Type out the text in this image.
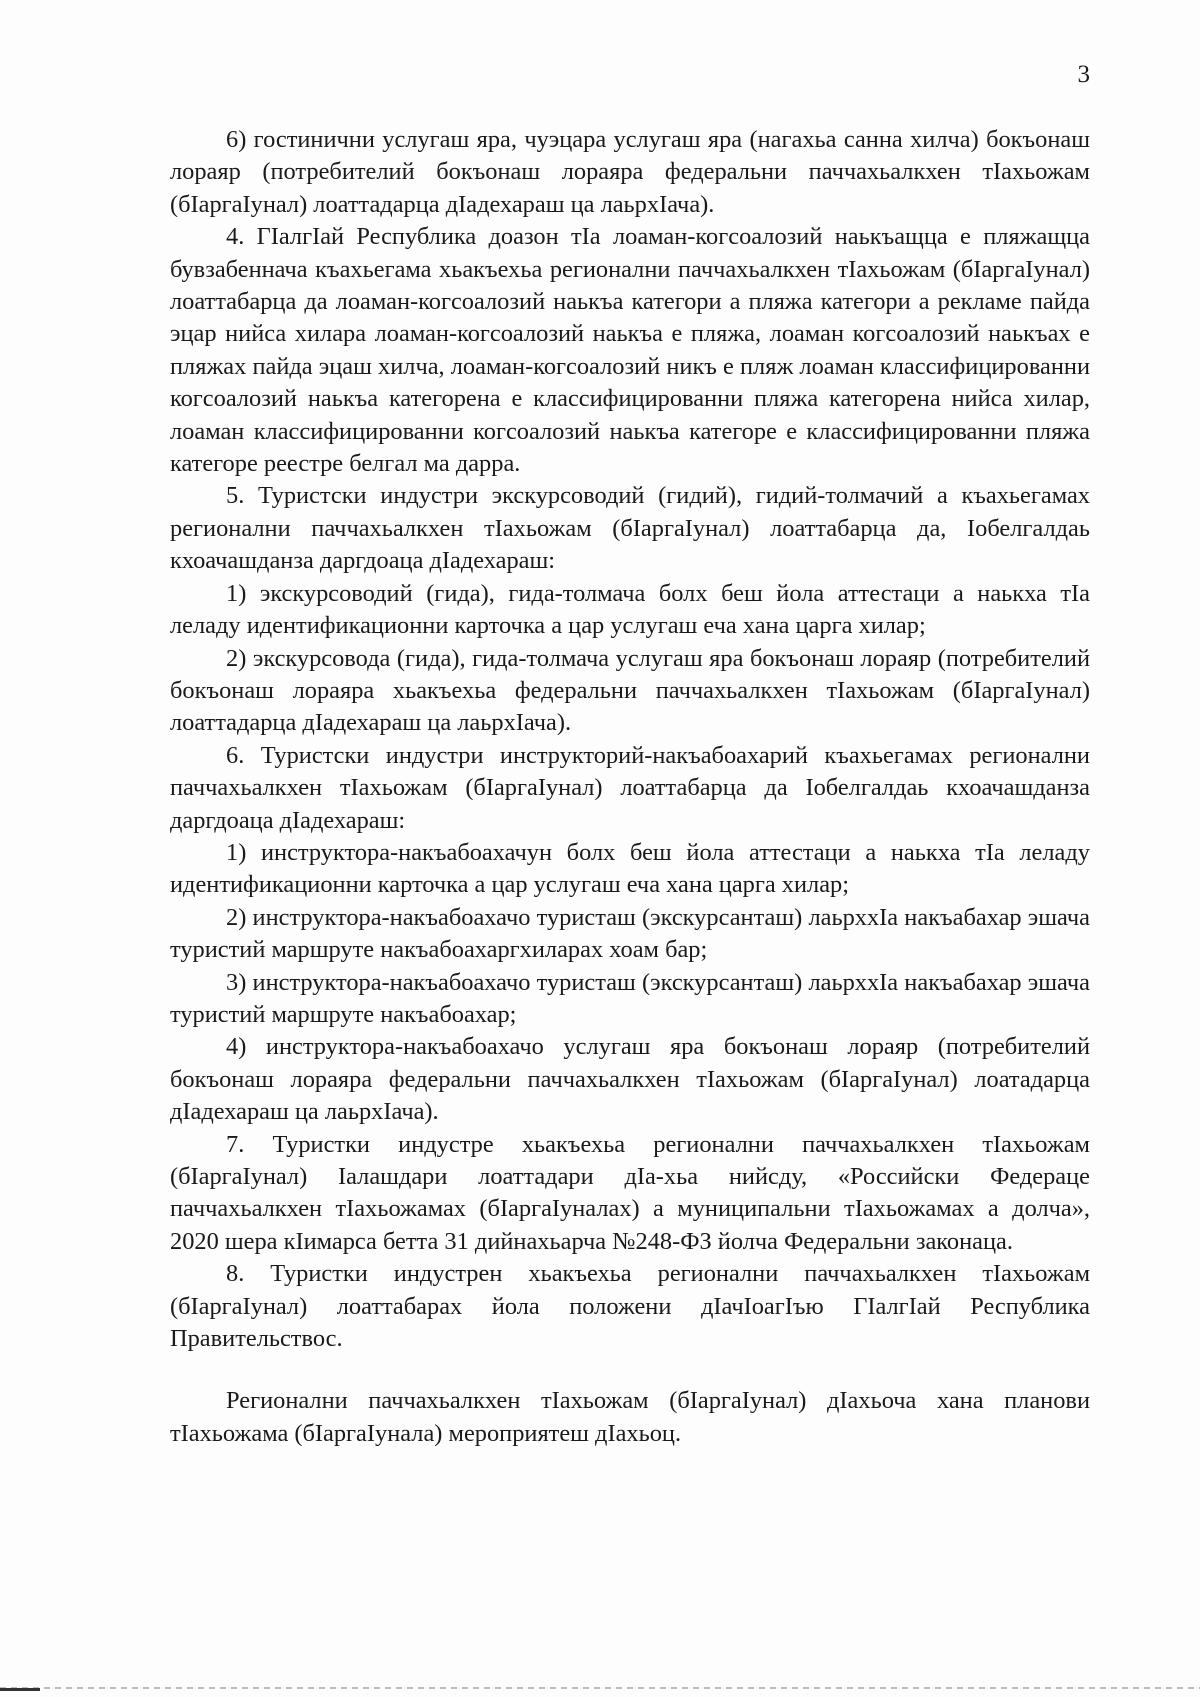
3

6) гостинични услугаш яра, чуэцара услугаш яра (нагахьа санна хилча) бокъонаш лораяр (потребителий бокъонаш лораяра федеральни паччахьалкхен тӀахьожам (бӀаргаӀунал) лоаттадарца дӀадехараш ца лаьрхӀача).

4. ГӀалгӀай Республика доазон тӀа лоаман-когсоалозий наькъащца е пляжащца бувзабеннача къахьегама хьакъехьа регионални паччахьалкхен тӀахьожам (бӀаргаӀунал) лоаттабарца да лоаман-когсоалозий наькъа категори а пляжа категори а рекламе пайда эцар нийса хилара лоаман-когсоалозий наькъа е пляжа, лоаман когсоалозий наькъах е пляжах пайда эцаш хилча, лоаман-когсоалозий никъ е пляж лоаман классифицированни когсоалозий наькъа категорена е классифицированни пляжа категорена нийса хилар, лоаман классифицированни когсоалозий наькъа категоре е классифицированни пляжа категоре реестре белгал ма дарра.

5. Туристски индустри экскурсоводий (гидий), гидий-толмачий а къахьегамах регионални паччахьалкхен тӀахьожам (бӀаргаӀунал) лоаттабарца да, Ӏобелгалдаь кхоачашданза даргдоаца дӀадехараш:

1) экскурсоводий (гида), гида-толмача болх беш йола аттестаци а наькха тӀа леладу идентификационни карточка а цар услугаш еча хана царга хилар;

2) экскурсовода (гида), гида-толмача услугаш яра бокъонаш лораяр (потребителий бокъонаш лораяра хьакъехьа федеральни паччахьалкхен тӀахьожам (бӀаргаӀунал) лоаттадарца дӀадехараш ца лаьрхӀача).

6. Туристски индустри инструкторий-накъабоахарий къахьегамах регионални паччахьалкхен тӀахьожам (бӀаргаӀунал) лоаттабарца да Ӏобелгалдаь кхоачашданза даргдоаца дӀадехараш:

1) инструктора-накъабоахачун болх беш йола аттестаци а наькха тӀа леладу идентификационни карточка а цар услугаш еча хана царга хилар;

2) инструктора-накъабоахачо туристаш (экскурсанташ) лаьрххӀа накъабахар эшача туристий маршруте накъабоахаргхиларах хоам бар;

3) инструктора-накъабоахачо туристаш (экскурсанташ) лаьрххӀа накъабахар эшача туристий маршруте накъабоахар;

4) инструктора-накъабоахачо услугаш яра бокъонаш лораяр (потребителий бокъонаш лораяра федеральни паччахьалкхен тӀахьожам (бӀаргаӀунал) лоатадарца дӀадехараш ца лаьрхӀача).

7. Туристки индустре хьакъехьа регионални паччахьалкхен тӀахьожам (бӀаргаӀунал) Ӏалашдари лоаттадари дӀа-хьа нийсду, «Российски Федераце паччахьалкхен тӀахьожамах (бӀаргаӀуналах) а муниципальни тӀахьожамах а долча», 2020 шера кӀимарса бетта 31 дийнахьарча №248-ФЗ йолча Федеральни законаца.

8. Туристки индустрен хьакъехьа регионални паччахьалкхен тӀахьожам (бӀаргаӀунал) лоаттабарах йола положени дӀачӀоагӀъю ГӀалгӀай Республика Правительствос.

Регионални паччахьалкхен тӀахьожам (бӀаргаӀунал) дӀахьоча хана планови тӀахьожама (бӀаргаӀунала) мероприятеш дӀахьоц.
